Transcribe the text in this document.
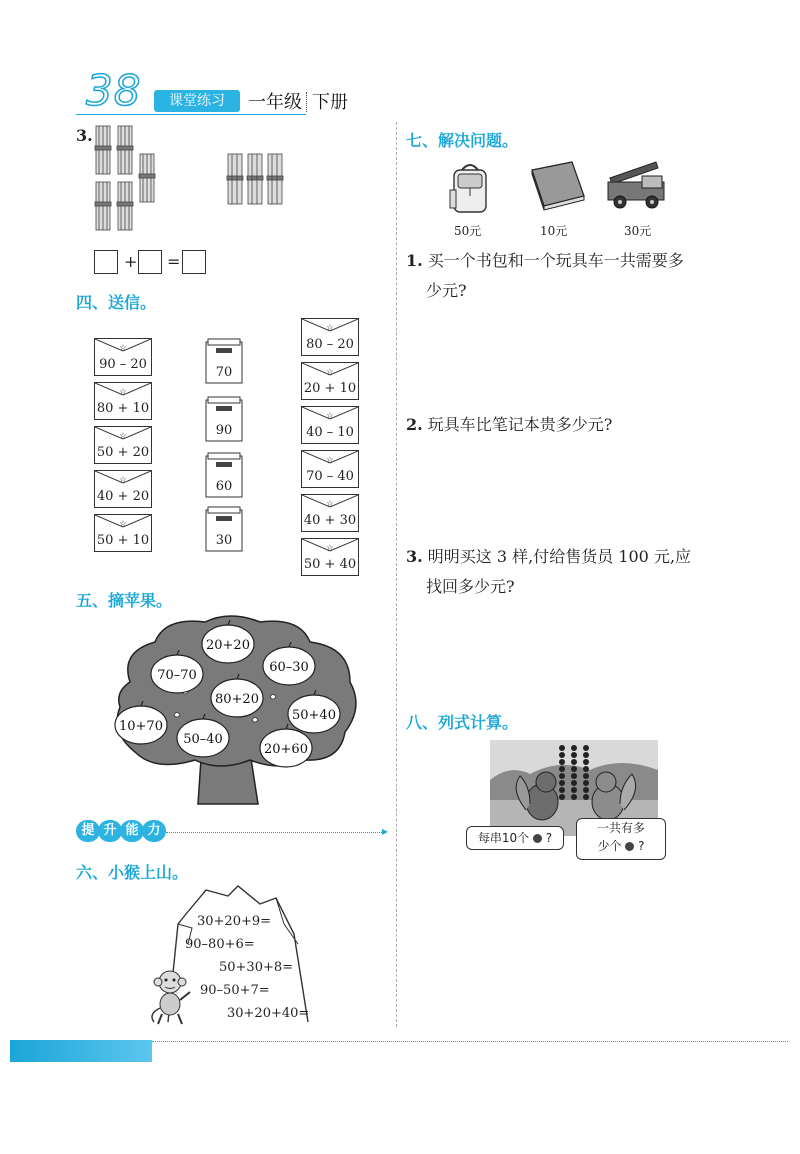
38	课堂练习	一年级 下册
3.
+ =
四、送信。
☆
90 – 20
☆
80 + 10
☆
50 + 20
☆
40 + 20
☆
50 + 10
70
90
60
30
☆
80 – 20
☆
20 + 10
☆
40 – 10
☆
70 – 40
☆
40 + 30
☆
50 + 40
五、摘苹果。
20+20
70–70
60–30
80+20
10+70
50+40
50–40
20+60
提 升 能 力	▸
六、小猴上山。
30+20+9=
90–80+6=
50+30+8=
90–50+7=
30+20+40=
七、解决问题。
50元	10元	30元
1. 买一个书包和一个玩具车一共需要多
少元?
2. 玩具车比笔记本贵多少元?
3. 明明买这 3 样,付给售货员 100 元,应
找回多少元?
八、列式计算。
每串10个 ?
一共有多
少个 ?
